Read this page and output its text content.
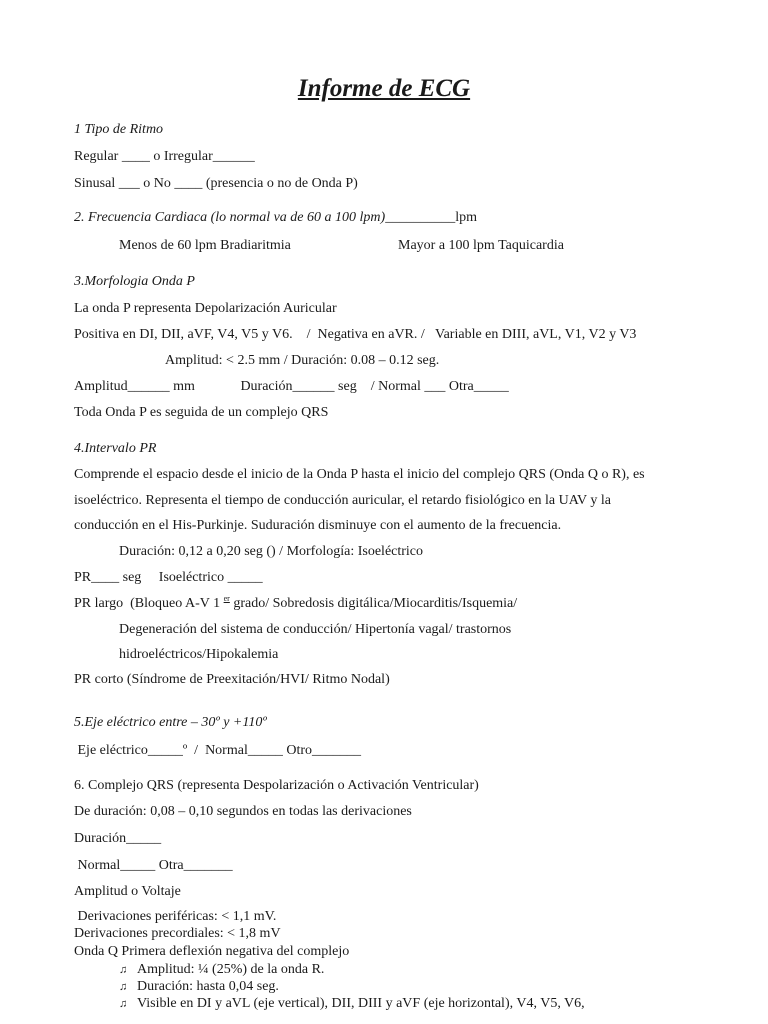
Informe de ECG
1 Tipo de Ritmo
Regular ____ o Irregular______
Sinusal ___ o No ____ (presencia o no de Onda P)
2. Frecuencia Cardiaca (lo normal va de 60 a 100 lpm)__________lpm
Menos de 60 lpm Bradiaritmia	Mayor a 100 lpm Taquicardia
3.Morfologia Onda P
La onda P representa Depolarización Auricular
Positiva en DI, DII, aVF, V4, V5 y V6.    /  Negativa en aVR. /   Variable en DIII, aVL, V1, V2 y V3
Amplitud: < 2.5 mm / Duración: 0.08 – 0.12 seg.
Amplitud______ mm             Duración______ seg    / Normal ___ Otra_____
Toda Onda P es seguida de un complejo QRS
4.Intervalo PR
Comprende el espacio desde el inicio de la Onda P hasta el inicio del complejo QRS (Onda Q o R), es
isoeléctrico. Representa el tiempo de conducción auricular, el retardo fisiológico en la UAV y la
conducción en el His-Purkinje. Suduración disminuye con el aumento de la frecuencia.
Duración: 0,12 a 0,20 seg () / Morfología: Isoeléctrico
PR____ seg     Isoeléctrico _____
PR largo  (Bloqueo A-V 1 $^{er}$ grado/ Sobredosis digitálica/Miocarditis/Isquemia/
Degeneración del sistema de conducción/ Hipertonía vagal/ trastornos
hidroeléctricos/Hipokalemia
PR corto (Síndrome de Preexitación/HVI/ Ritmo Nodal)
5.Eje eléctrico entre – 30º y +110º
Eje eléctrico_____º  /  Normal_____ Otro_______
6. Complejo QRS (representa Despolarización o Activación Ventricular)
De duración: 0,08 – 0,10 segundos en todas las derivaciones
Duración_____
Normal_____ Otra_______
Amplitud o Voltaje
Derivaciones periféricas: < 1,1 mV.
Derivaciones precordiales: < 1,8 mV
Onda Q Primera deflexión negativa del complejo
♫ Amplitud: ¼ (25%) de la onda R.
♫ Duración: hasta 0,04 seg.
♫ Visible en DI y aVL (eje vertical), DII, DIII y aVF (eje horizontal), V4, V5, V6,
